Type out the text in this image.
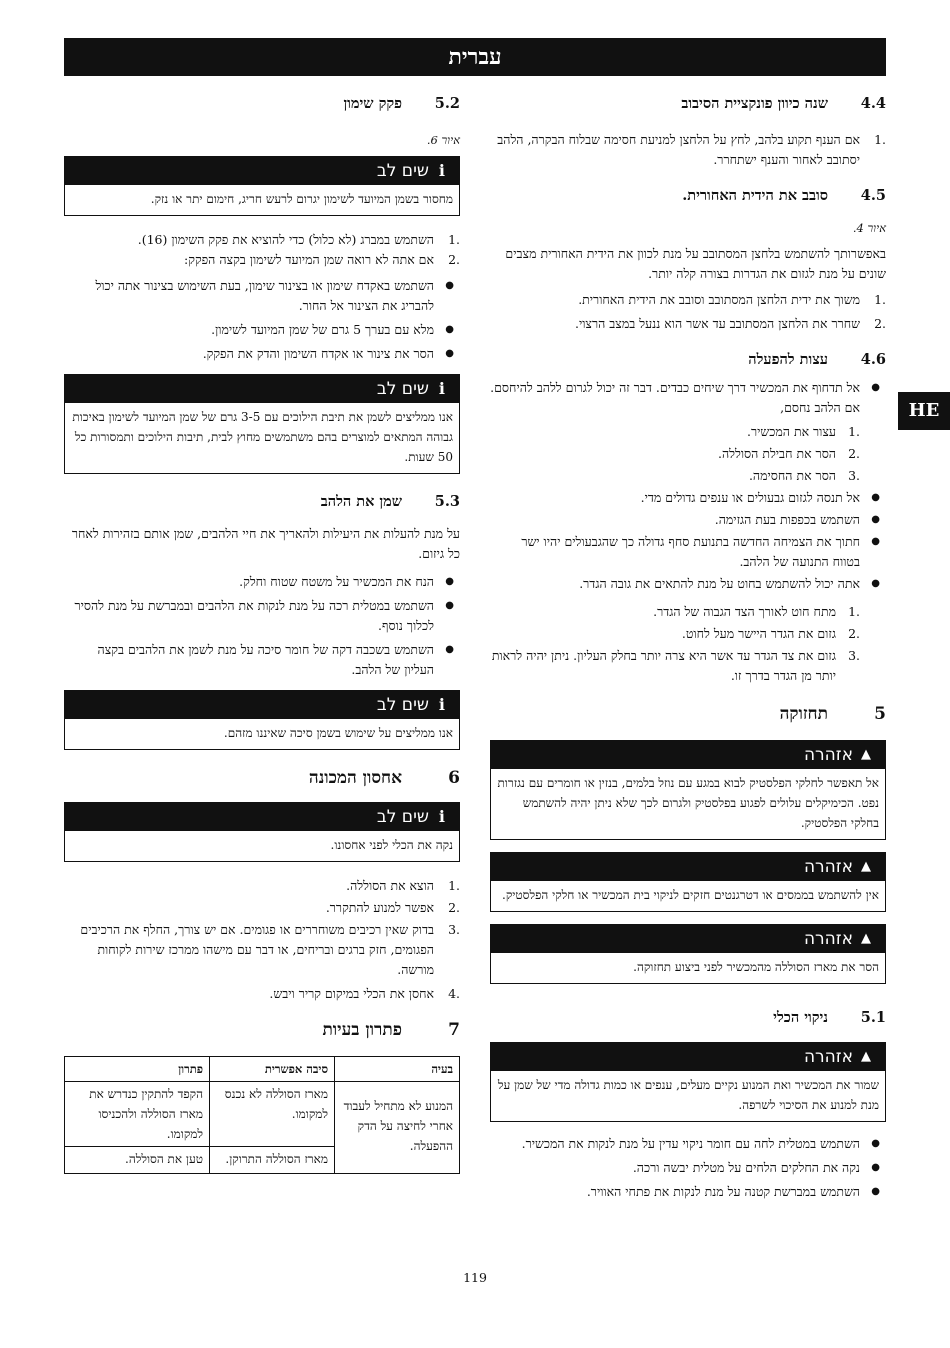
עברית
HE
4.4
שנה כיוון פונקציית הסיבוב
.1
אם הענף תקוע בלהב, לחץ על הלחצן למניעת חסימה שבלוח הבקרה, הלהב יסתובב לאחור והענף ישתחרר.
4.5
סובב את הידית האחורית.

איור 4.

באפשרותך להשתמש בלחצן המסתובב על מנת לכוון את הידית האחורית מצבים שונים על מנת לגזום את הגדרות בצורה קלה יותר.

.1
משוך את ידית הלחצן המסתובב וסובב את הידית האחורית.
.2
שחרר את הלחצן המסתובב עד אשר הוא ננעל במצב הרצוי.
4.6
עצות להפעלה
●
אל תדחוף את המכשיר דרך שיחים כבדים. דבר זה יכול לגרום ללהב להיחסם. אם הלהב נחסם,
.1
עצור את המכשיר.
.2
הסר את חבילת הסוללה.
.3
הסר את החסימה.
●
אל תנסה לגזום גבעולים או ענפים גדולים מדי.
●
השתמש בכפפות בעת הגזימה.
●
חתוך את הצמיחה החדשה בתנועת סחף גדולה כך שהגבעולים יהיו ישר בטווח התנועה של הלהב.
●
אתה יכול להשתמש בחוט על מנת להתאים את גובה הגדר.
.1
מתח חוט לאורך הצד הגבוה של הגדר.
.2
גזום את הגדר היישר מעל לחוט.
.3
גזום את צד הגדר עד אשר היא צרה יותר בחלק העליון. ניתן יהיה לראות יותר מן הגדר בדרך זו.
5
תחזוקה
▲
אזהרה
אל תאפשר לחלקי הפלסטיק לבוא במגע עם נוזל בלמים, בנזין או חומרים עם נגזרות נפט. הכימיקלים עלולים לפגוע בפלסטיק ולגרום לכך שלא ניתן יהיה להשתמש בחלקי הפלסטיק.
▲
אזהרה
אין להשתמש בממסים או דטרגנטים חזקים לניקוי בית המכשיר או חלקי הפלסטיק.
▲
אזהרה
הסר את מארז הסוללה מהמכשיר לפני ביצוע תחזוקה.
5.1
ניקוי הכלי
▲
אזהרה
שמור את המכשיר ואת המנוע נקיים מעלים, ענפים או כמות גדולה מדי של שמן על מנת למנוע את הסיכוי לשרפה.
●
השתמש במטלית לחה עם חומר ניקוי עדין על מנת לנקות את המכשיר.
●
נקה את החלקים הלחים על מטלית יבשה ורכה.
●
השתמש במברשת קטנה על מנת לנקות את פתחי האוויר.
5.2
פקק שימון

איור 6.

i
שים לב
מחסור בשמן המיועד לשימון יגרום לרעש חריג, חימום יתר או נזק.
.1
השתמש במברג (לא כלול) כדי להוציא את פקק השימון (16).
.2
אם אתה לא רואה שמן המיועד לשימון בקצה הפקק:
●
השתמש באקדח שימון או בצינור שימון, בעת השימוש בצינור אתה יכול להבריג את הצינור אל החור.
●
מלא עם בערך 5 גרם של שמן המיועד לשימון.
●
הסר את צינור או אקדח השימון והדק את הפקק.
i
שים לב
אנו ממליצים לשמן את תיבת הילוכים עם 3-5 גרם של שמן המיועד לשימון באיכות גבוהה המתאים למוצרים בהם משתמשים מחוץ לבית, תיבות הילוכים ותמסורות כל 50 שעות.
5.3
שמן את הלהב

על מנת להעלות את היעילות ולהאריך את חיי הלהבים, שמן אותם בזהירות לאחר כל גיזום.

●
הנח את המכשיר על משטח שטוח וחלק.
●
השתמש במטלית רכה על מנת לנקות את הלהבים ובמברשת על מנת להסיר לכלוך נוסף.
●
השתמש בשכבה דקה של חומר סיכה על מנת לשמן את הלהבים בקצה העליון של הלהב.
i
שים לב
אנו ממליצים על שימוש בשמן סיכה שאיננו מזהם.
6
אחסון המכונה
i
שים לב
נקה את הכלי לפני אחסונו.
.1
הוצא את הסוללה.
.2
אפשר למנוע להתקרר.
.3
בדוק שאין רכיבים משוחררים או פגומים. אם יש צורך, החלף את הרכיבים הפגומים, חזק ברגים ובריחים, או דבר עם מישהו ממרכז שירות לקוחות מורשה.
.4
אחסן את הכלי במיקום קריר ויבש.
7
פתרון בעיות
בעיה	סיבה אפשרית	פתרון
המנוע לא מתחיל לעבוד אחרי לחיצה על הדק ההפעלה.	מארז הסוללה לא נכנס למקומו.	הקפד להתקין כנדרש את מארז הסוללה ולהכניסו למקומו.
	מארז הסוללה התרוקן.	טען את הסוללה.
119
